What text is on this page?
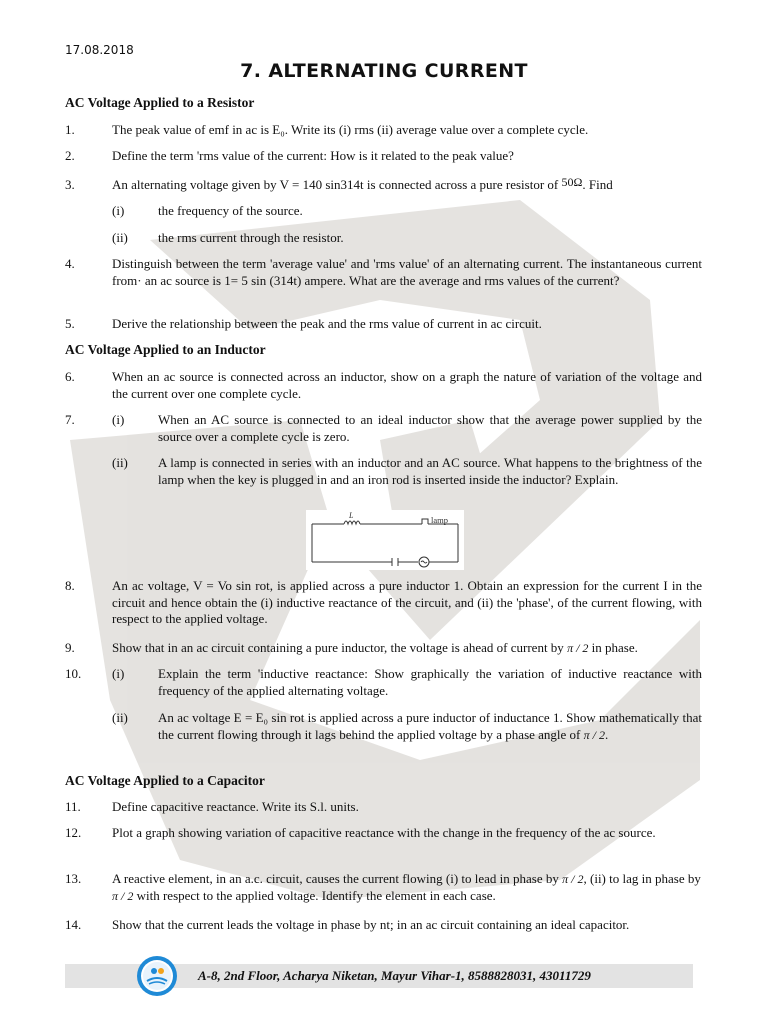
17.08.2018
7. ALTERNATING CURRENT
AC Voltage Applied to a Resistor
1.	The peak value of emf in ac is E₀. Write its (i) rms (ii) average value over a complete cycle.
2.	Define the term 'rms value of the current: How is it related to the peak value?
3.	An alternating voltage given by V = 140 sin314t is connected across a pure resistor of 50Ω. Find
(i)	the frequency of the source.
(ii) the rms current through the resistor.
4.	Distinguish between the term 'average value' and 'rms value' of an alternating current. The instantaneous current from· an ac source is 1= 5 sin (314t) ampere. What are the average and rms values of the current?
5.	Derive the relationship between the peak and the rms value of current in ac circuit.
AC Voltage Applied to an Inductor
6.	When an ac source is connected across an inductor, show on a graph the nature of variation of the voltage and the current over one complete cycle.
7.	(i)	When an AC source is connected to an ideal inductor show that the average power supplied by the source over a complete cycle is zero.
(ii) A lamp is connected in series with an inductor and an AC source. What happens to the brightness of the lamp when the key is plugged in and an iron rod is inserted inside the inductor? Explain.
L	lamp
8.	An ac voltage, V = Vo sin rot, is applied across a pure inductor 1. Obtain an expression for the current I in the circuit and hence obtain the (i) inductive reactance of the circuit, and (ii) the 'phase', of the current flowing, with respect to the applied voltage.
9.	Show that in an ac circuit containing a pure inductor, the voltage is ahead of current by π / 2 in phase.
10. (i)	Explain the term 'inductive reactance: Show graphically the variation of inductive reactance with frequency of the applied alternating voltage.
(ii) An ac voltage E = E₀ sin rot is applied across a pure inductor of inductance 1. Show mathematically that the current flowing through it lags behind the applied voltage by a phase angle of π / 2.
AC Voltage Applied to a Capacitor
11. Define capacitive reactance. Write its S.l. units.
12. Plot a graph showing variation of capacitive reactance with the change in the frequency of the ac source.
13. A reactive element, in an a.c. circuit, causes the current flowing (i) to lead in phase by π / 2, (ii) to lag in phase by π / 2 with respect to the applied voltage. Identify the element in each case.
14. Show that the current leads the voltage in phase by nt; in an ac circuit containing an ideal capacitor.
A-8, 2nd Floor, Acharya Niketan, Mayur Vihar-1, 8588828031, 43011729
